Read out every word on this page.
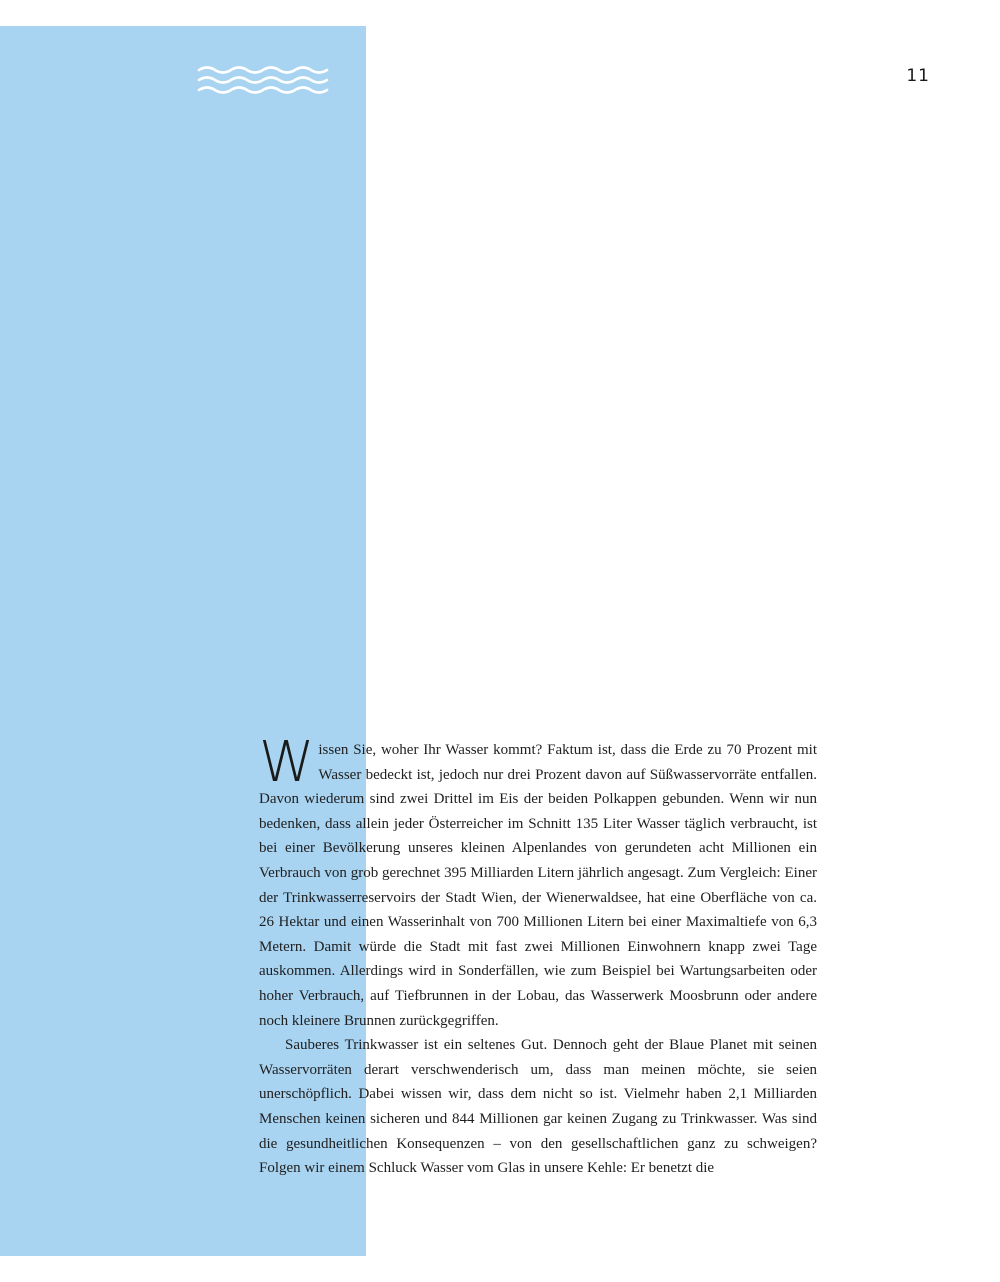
11

Wissen Sie, woher Ihr Wasser kommt? Faktum ist, dass die Erde zu 70 Prozent mit Wasser bedeckt ist, jedoch nur drei Prozent davon auf Süßwasservorräte entfallen. Davon wiederum sind zwei Drittel im Eis der beiden Polkappen gebunden. Wenn wir nun bedenken, dass allein jeder Österreicher im Schnitt 135 Liter Wasser täglich verbraucht, ist bei einer Bevölkerung unseres kleinen Alpenlandes von gerundeten acht Millionen ein Verbrauch von grob gerechnet 395 Milliarden Litern jährlich angesagt. Zum Vergleich: Einer der Trinkwasserreservoirs der Stadt Wien, der Wienerwaldsee, hat eine Oberfläche von ca. 26 Hektar und einen Wasserinhalt von 700 Millionen Litern bei einer Maximaltiefe von 6,3 Metern. Damit würde die Stadt mit fast zwei Millionen Einwohnern knapp zwei Tage auskommen. Allerdings wird in Sonderfällen, wie zum Beispiel bei Wartungsarbeiten oder hoher Verbrauch, auf Tiefbrunnen in der Lobau, das Wasserwerk Moosbrunn oder andere noch kleinere Brunnen zurückgegriffen.

Sauberes Trinkwasser ist ein seltenes Gut. Dennoch geht der Blaue Planet mit seinen Wasservorräten derart verschwenderisch um, dass man meinen möchte, sie seien unerschöpflich. Dabei wissen wir, dass dem nicht so ist. Vielmehr haben 2,1 Milliarden Menschen keinen sicheren und 844 Millionen gar keinen Zugang zu Trinkwasser. Was sind die gesundheitlichen Konsequenzen – von den gesellschaftlichen ganz zu schweigen? Folgen wir einem Schluck Wasser vom Glas in unsere Kehle: Er benetzt die
